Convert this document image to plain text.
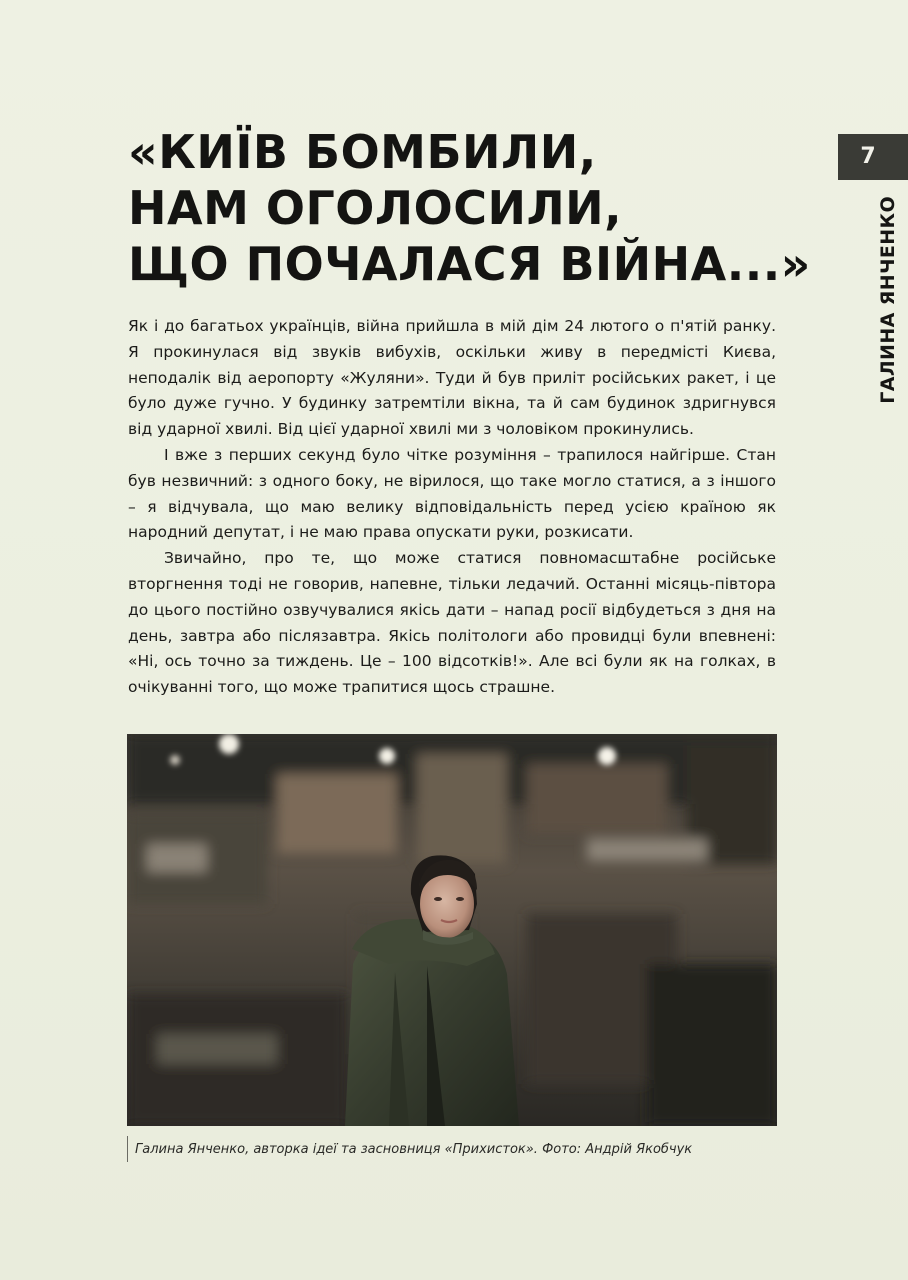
«КИЇВ БОМБИЛИ,
НАМ ОГОЛОСИЛИ,
ЩО ПОЧАЛАСЯ ВІЙНА...»
7
ГАЛИНА ЯНЧЕНКО

Як і до багатьох українців, війна прийшла в мій дім 24 лютого о п'ятій ранку. Я прокинулася від звуків вибухів, оскільки живу в передмісті Києва, неподалік від аеропорту «Жуляни». Туди й був приліт російських ракет, і це було дуже гучно. У будинку затремтіли вікна, та й сам будинок здригнувся від ударної хвилі. Від цієї ударної хвилі ми з чоловіком прокинулись.

І вже з перших секунд було чітке розуміння – трапилося найгірше. Стан був незвичний: з одного боку, не вірилося, що таке могло статися, а з іншого – я відчувала, що маю велику відповідальність перед усією країною як народний депутат, і не маю права опускати руки, розкисати.

Звичайно, про те, що може статися повномасштабне російське вторгнення тоді не говорив, напевне, тільки ледачий. Останні місяць-півтора до цього постійно озвучувалися якісь дати – напад росії відбудеться з дня на день, завтра або післязавтра. Якісь політологи або провидці були впевнені: «Ні, ось точно за тиждень. Це – 100 відсотків!». Але всі були як на голках, в очікуванні того, що може трапитися щось страшне.

Галина Янченко, авторка ідеї та засновниця «Прихисток». Фото: Андрій Якобчук
